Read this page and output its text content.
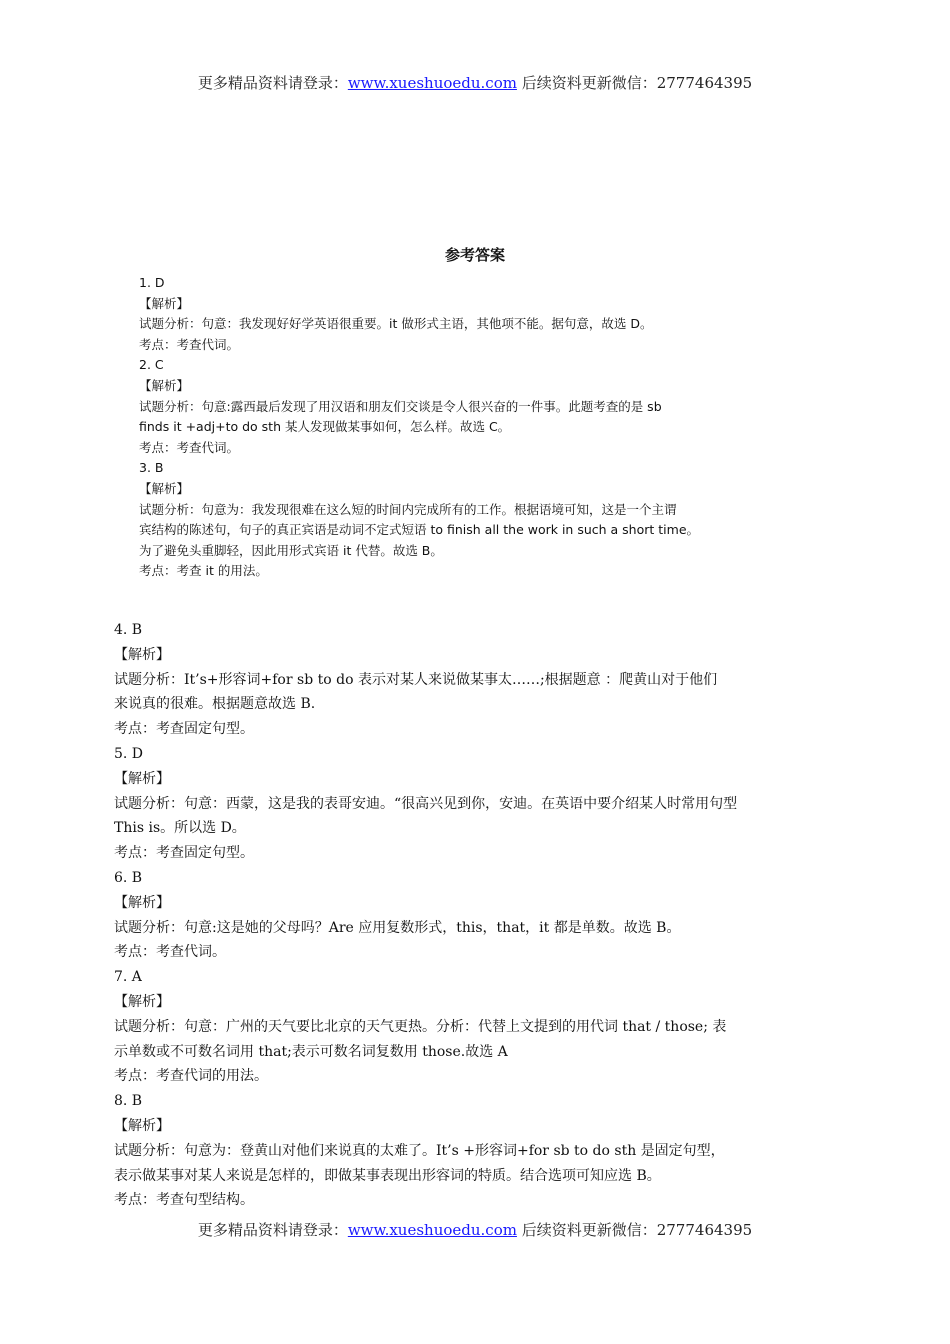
更多精品资料请登录：www.xueshuoedu.com 后续资料更新微信：2777464395
参考答案
1. D
【解析】
试题分析：句意：我发现好好学英语很重要。it 做形式主语，其他项不能。据句意，故选 D。
考点：考查代词。
2. C
【解析】
试题分析：句意:露西最后发现了用汉语和朋友们交谈是令人很兴奋的一件事。此题考查的是 sb
finds it +adj+to do sth 某人发现做某事如何，怎么样。故选 C。
考点：考查代词。
3. B
【解析】
试题分析：句意为：我发现很难在这么短的时间内完成所有的工作。根据语境可知，这是一个主谓
宾结构的陈述句，句子的真正宾语是动词不定式短语 to finish all the work in such a short time。
为了避免头重脚轻，因此用形式宾语 it 代替。故选 B。
考点：考查 it 的用法。
4. B
【解析】
试题分析：It’s+形容词+for sb to do 表示对某人来说做某事太……;根据题意 ：爬黄山对于他们
来说真的很难。根据题意故选 B.
考点：考查固定句型。
5. D
【解析】
试题分析：句意：西蒙，这是我的表哥安迪。“很高兴见到你，安迪。在英语中要介绍某人时常用句型
This is。所以选 D。
考点：考查固定句型。
6. B
【解析】
试题分析：句意:这是她的父母吗？Are 应用复数形式，this，that，it 都是单数。故选 B。
考点：考查代词。
7. A
【解析】
试题分析：句意：广州的天气要比北京的天气更热。分析：代替上文提到的用代词 that / those; 表
示单数或不可数名词用 that;表示可数名词复数用 those.故选 A
考点：考查代词的用法。
8. B
【解析】
试题分析：句意为：登黄山对他们来说真的太难了。It’s +形容词+for sb to do sth 是固定句型，
表示做某事对某人来说是怎样的，即做某事表现出形容词的特质。结合选项可知应选 B。
考点：考查句型结构。
更多精品资料请登录：www.xueshuoedu.com 后续资料更新微信：2777464395
